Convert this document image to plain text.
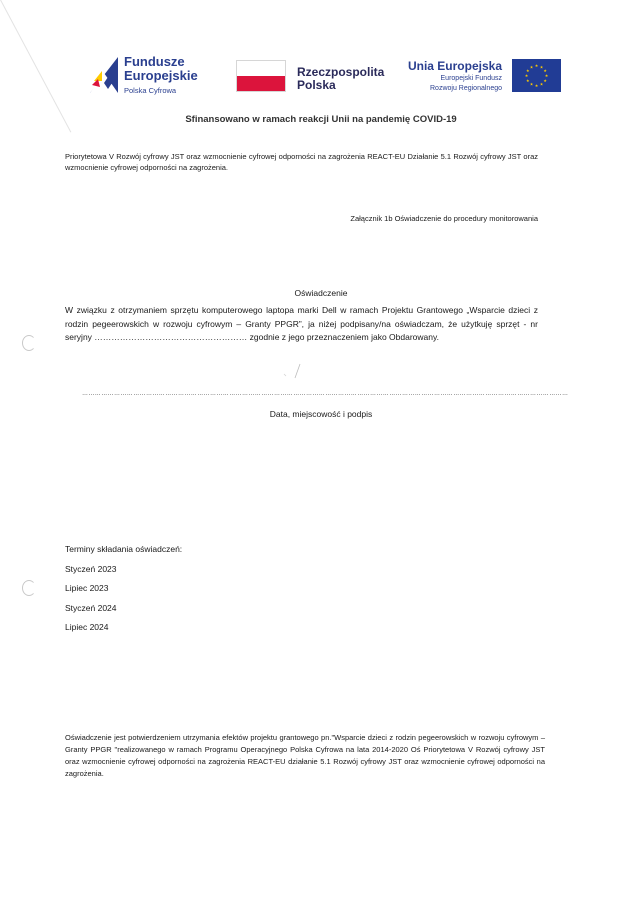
Fundusze Europejskie
Polska Cyfrowa
Rzeczpospolita Polska
Unia Europejska
Europejski Fundusz Rozwoju Regionalnego
★ ★
★
★
★
★
★
★
★
★
★
★
Sfinansowano w ramach reakcji Unii na pandemię COVID-19
Priorytetowa V Rozwój cyfrowy JST oraz wzmocnienie cyfrowej odporności na zagrożenia REACT-EU Działanie 5.1 Rozwój cyfrowy JST oraz wzmocnienie cyfrowej odporności na zagrożenia.
Załącznik 1b Oświadczenie do procedury monitorowania
Oświadczenie
W związku z otrzymaniem sprzętu komputerowego laptopa marki Dell w ramach Projektu Grantowego „Wsparcie dzieci z rodzin pegeerowskich w rozwoju cyfrowym – Granty PPGR”, ja niżej podpisany/na oświadczam, że użytkuję sprzęt - nr seryjny ……………………………………………… zgodnie z jego przeznaczeniem jako Obdarowany.
…………………………………………………………………………………………………………………………………………………………………………………………………………
Data, miejscowość i podpis
Terminy składania oświadczeń:
Styczeń 2023
Lipiec 2023
Styczeń 2024
Lipiec 2024
Oświadczenie jest potwierdzeniem utrzymania efektów projektu grantowego pn."Wsparcie dzieci z rodzin pegeerowskich w rozwoju cyfrowym – Granty PPGR "realizowanego w ramach Programu Operacyjnego Polska Cyfrowa na lata 2014-2020 Oś Priorytetowa V Rozwój cyfrowy JST oraz wzmocnienie cyfrowej odporności na zagrożenia REACT-EU działanie 5.1 Rozwój cyfrowy JST oraz wzmocnienie cyfrowej odporności na zagrożenia.
